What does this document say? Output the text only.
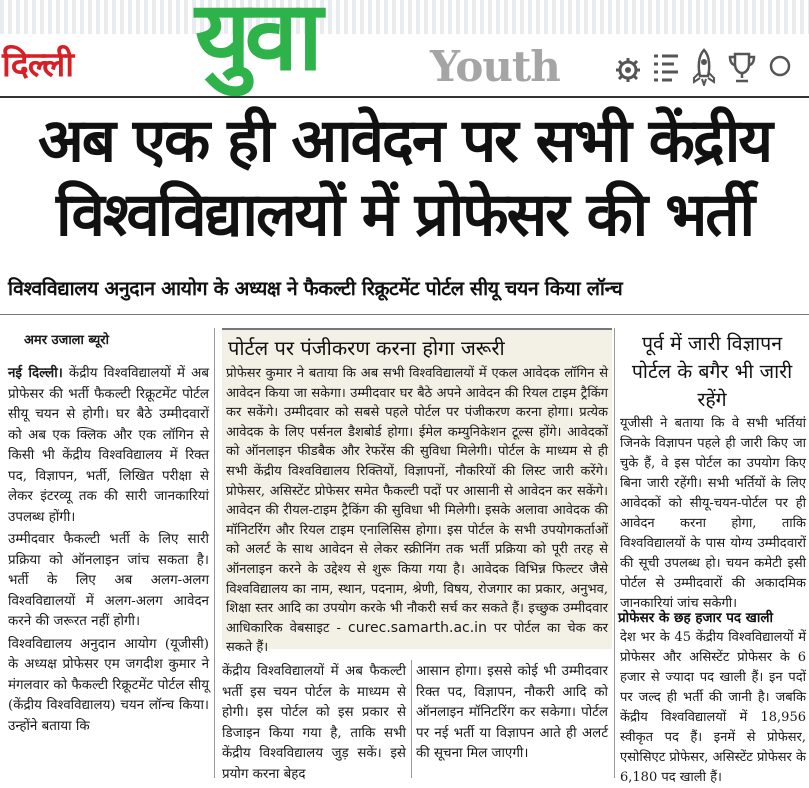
दिल्ली युवा	Youth
अब एक ही आवेदन पर सभी केंद्रीय
विश्वविद्यालयों में प्रोफेसर की भर्ती
विश्वविद्यालय अनुदान आयोग के अध्यक्ष ने फैकल्टी रिक्रूटमेंट पोर्टल सीयू चयन किया लॉन्च
अमर उजाला ब्यूरो

नई दिल्ली। केंद्रीय विश्वविद्यालयों में अब प्रोफेसर की भर्ती फैकल्टी रिक्रूटमेंट पोर्टल सीयू चयन से होगी। घर बैठे उम्मीदवारों को अब एक क्लिक और एक लॉगिन से किसी भी केंद्रीय विश्वविद्यालय में रिक्त पद, विज्ञापन, भर्ती, लिखित परीक्षा से लेकर इंटरव्यू तक की सारी जानकारियां उपलब्ध होंगी।

उम्मीदवार फैकल्टी भर्ती के लिए सारी प्रक्रिया को ऑनलाइन जांच सकता है। भर्ती के लिए अब अलग-अलग विश्वविद्यालयों में अलग-अलग आवेदन करने की जरूरत नहीं होगी।

विश्वविद्यालय अनुदान आयोग (यूजीसी) के अध्यक्ष प्रोफेसर एम जगदीश कुमार ने मंगलवार को फैकल्टी रिक्रूटमेंट पोर्टल सीयू (केंद्रीय विश्वविद्यालय) चयन लॉन्च किया। उन्होंने बताया कि

पोर्टल पर पंजीकरण करना होगा जरूरी
प्रोफेसर कुमार ने बताया कि अब सभी विश्वविद्यालयों में एकल आवेदक लॉगिन से आवेदन किया जा सकेगा। उम्मीदवार घर बैठे अपने आवेदन की रियल टाइम ट्रैकिंग कर सकेंगे। उम्मीदवार को सबसे पहले पोर्टल पर पंजीकरण करना होगा। प्रत्येक आवेदक के लिए पर्सनल डैशबोर्ड होगा। ईमेल कम्युनिकेशन टूल्स होंगे। आवेदकों को ऑनलाइन फीडबैक और रेफरेंस की सुविधा मिलेगी। पोर्टल के माध्यम से ही सभी केंद्रीय विश्वविद्यालय रिक्तियों, विज्ञापनों, नौकरियों की लिस्ट जारी करेंगे। प्रोफेसर, असिस्टेंट प्रोफेसर समेत फैकल्टी पदों पर आसानी से आवेदन कर सकेंगे। आवेदन की रीयल-टाइम ट्रैकिंग की सुविधा भी मिलेगी। इसके अलावा आवेदक की मॉनिटरिंग और रियल टाइम एनालिसिस होगा। इस पोर्टल के सभी उपयोगकर्ताओं को अलर्ट के साथ आवेदन से लेकर स्क्रीनिंग तक भर्ती प्रक्रिया को पूरी तरह से ऑनलाइन करने के उद्देश्य से शुरू किया गया है। आवेदक विभिन्न फिल्टर जैसे विश्वविद्यालय का नाम, स्थान, पदनाम, श्रेणी, विषय, रोजगार का प्रकार, अनुभव, शिक्षा स्तर आदि का उपयोग करके भी नौकरी सर्च कर सकते हैं। इच्छुक उम्मीदवार आधिकारिक वेबसाइट - curec.samarth.ac.in पर पोर्टल का चेक कर सकते हैं।
केंद्रीय विश्वविद्यालयों में अब फैकल्टी भर्ती इस चयन पोर्टल के माध्यम से होगी। इस पोर्टल को इस प्रकार से डिजाइन किया गया है, ताकि सभी केंद्रीय विश्वविद्यालय जुड़ सकें। इसे प्रयोग करना बेहद
आसान होगा। इससे कोई भी उम्मीदवार रिक्त पद, विज्ञापन, नौकरी आदि को ऑनलाइन मॉनिटरिंग कर सकेगा। पोर्टल पर नई भर्ती या विज्ञापन आते ही अलर्ट की सूचना मिल जाएगी।
पूर्व में जारी विज्ञापन पोर्टल के बगैर भी जारी रहेंगे
यूजीसी ने बताया कि वे सभी भर्तियां जिनके विज्ञापन पहले ही जारी किए जा चुके हैं, वे इस पोर्टल का उपयोग किए बिना जारी रहेंगी। सभी भर्तियों के लिए आवेदकों को सीयू-चयन-पोर्टल पर ही आवेदन करना होगा, ताकि विश्वविद्यालयों के पास योग्य उम्मीदवारों की सूची उपलब्ध हो। चयन कमेटी इसी पोर्टल से उम्मीदवारों की अकादमिक जानकारियां जांच सकेगी।
प्रोफेसर के छह हजार पद खाली
देश भर के 45 केंद्रीय विश्वविद्यालयों में प्रोफेसर और असिस्टेंट प्रोफेसर के 6 हजार से ज्यादा पद खाली हैं। इन पदों पर जल्द ही भर्ती की जानी है। जबकि केंद्रीय विश्वविद्यालयों में 18,956 स्वीकृत पद हैं। इनमें से प्रोफेसर, एसोसिएट प्रोफेसर, असिस्टेंट प्रोफेसर के 6,180 पद खाली हैं।
